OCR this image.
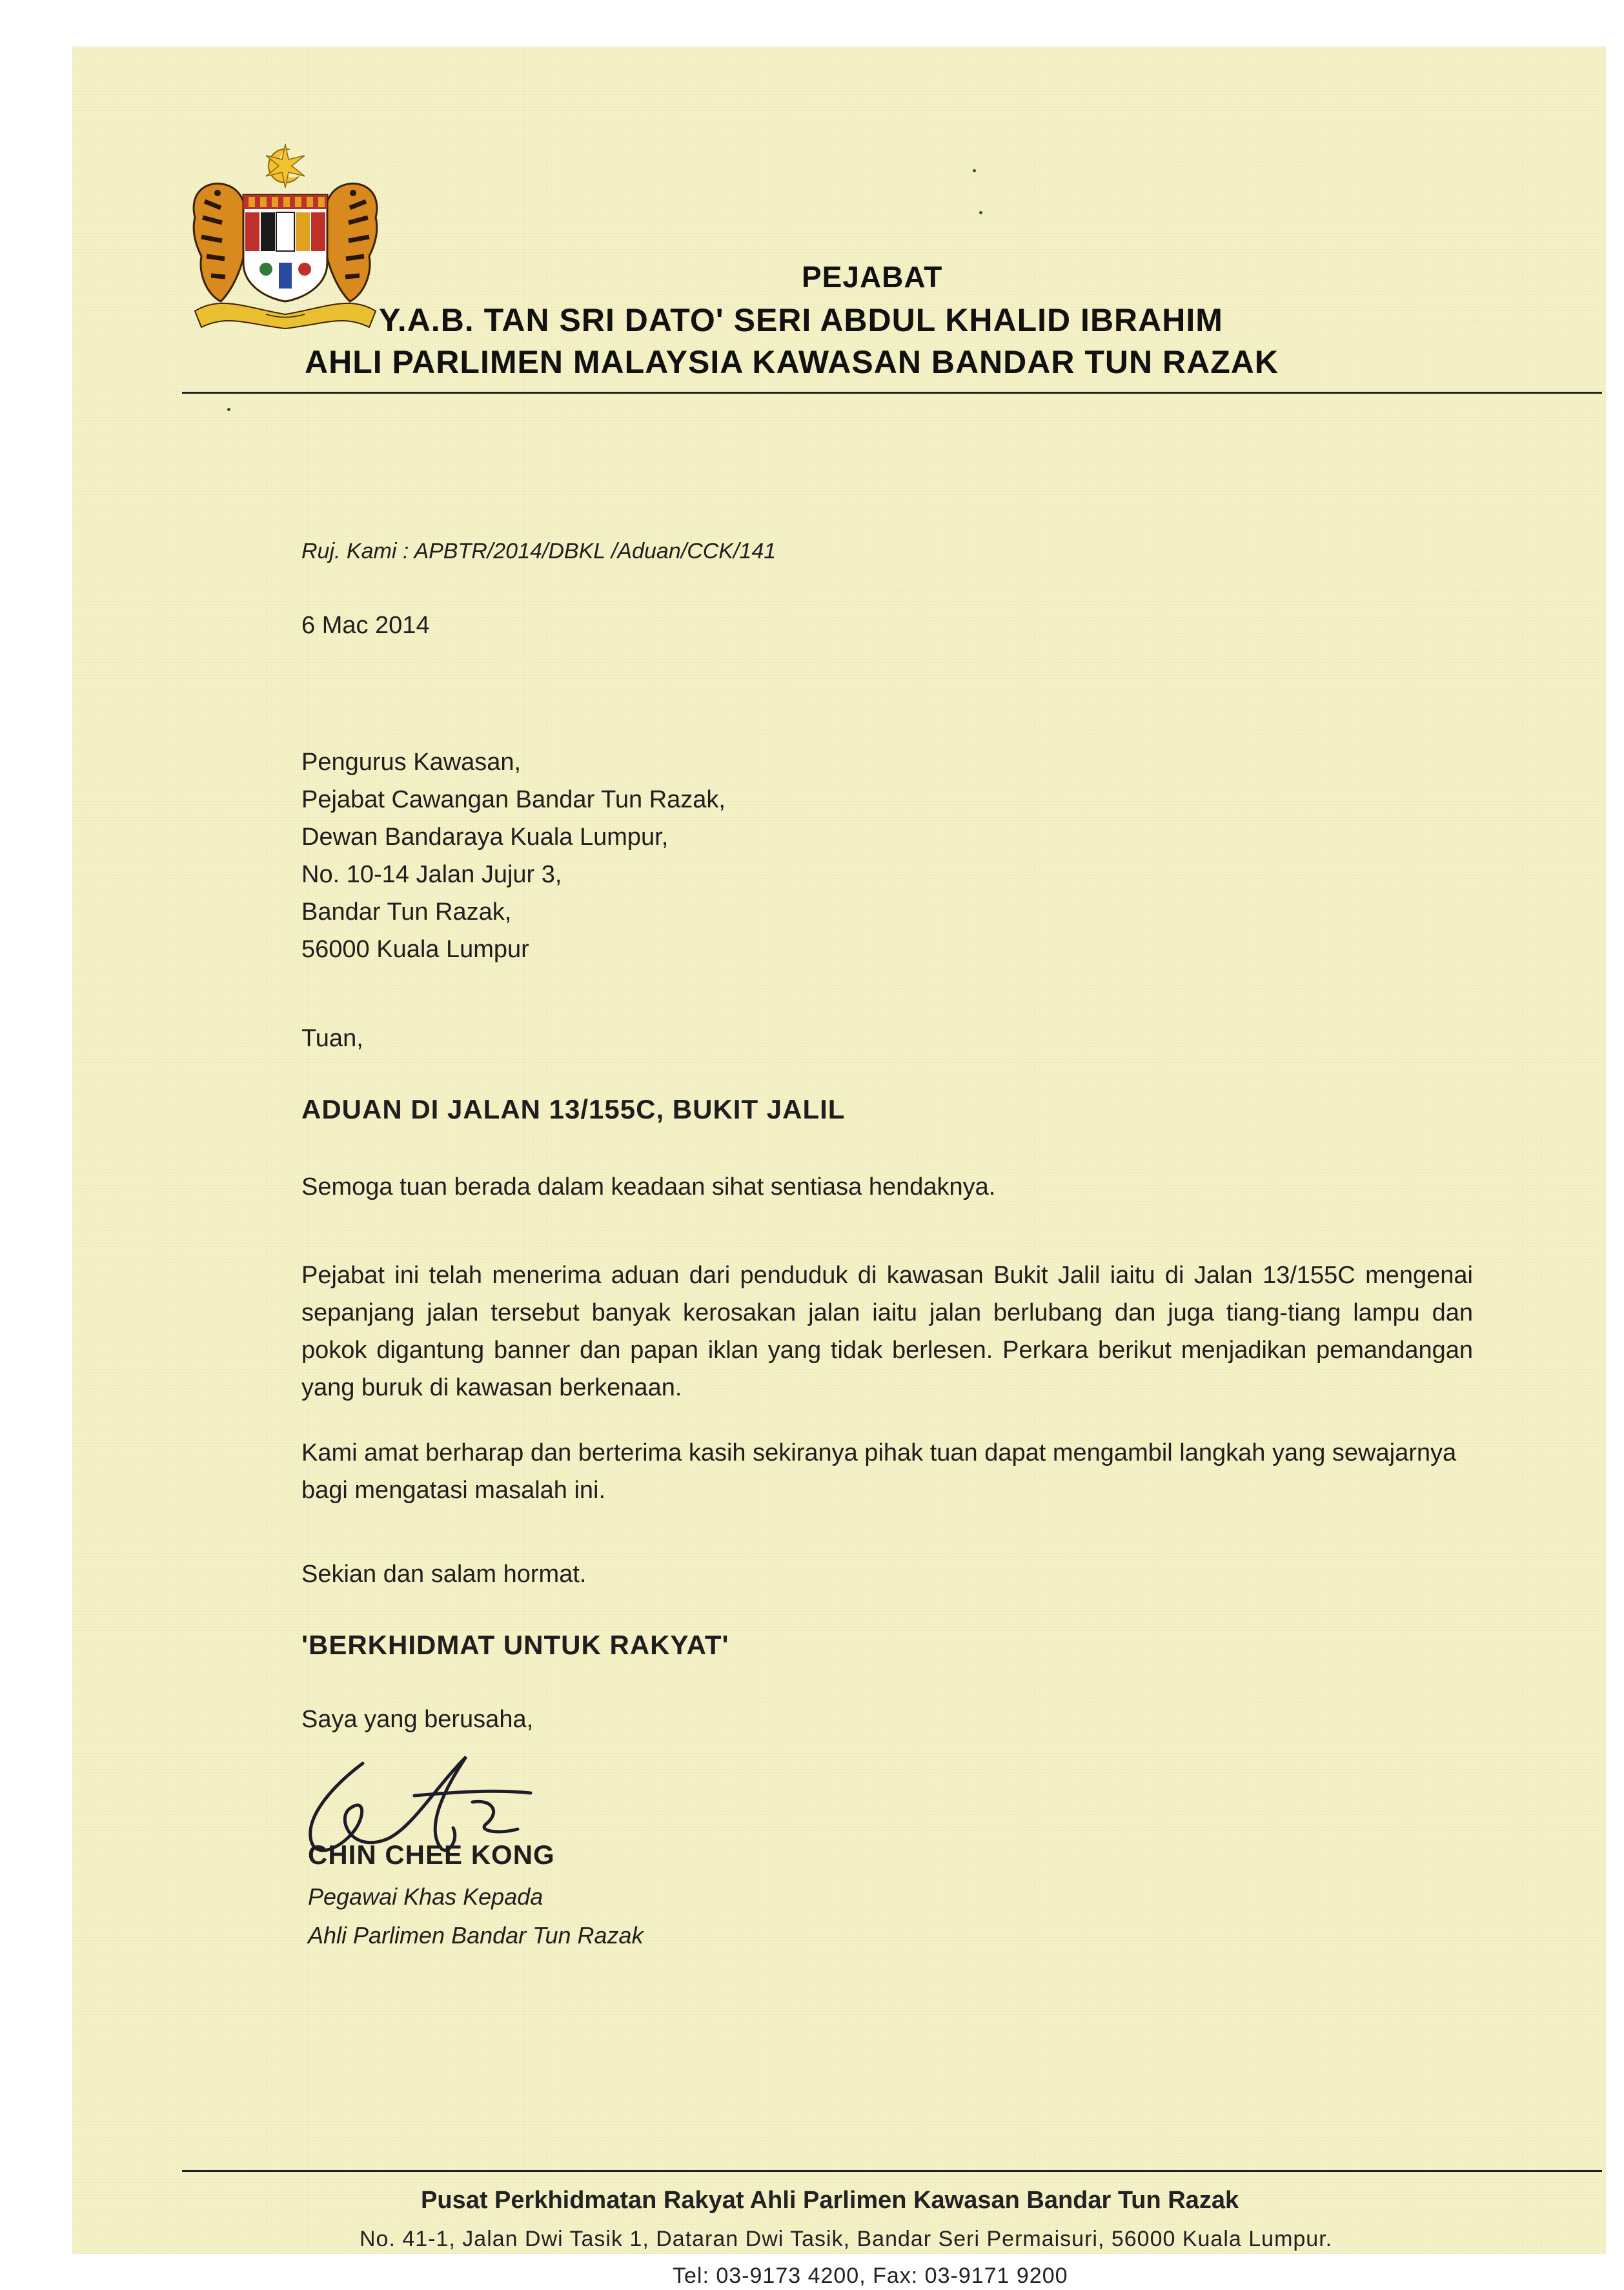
PEJABAT
Y.A.B. TAN SRI DATO' SERI ABDUL KHALID IBRAHIM
AHLI PARLIMEN MALAYSIA KAWASAN BANDAR TUN RAZAK
Ruj. Kami : APBTR/2014/DBKL /Aduan/CCK/141
6 Mac 2014
Pengurus Kawasan,
Pejabat Cawangan Bandar Tun Razak,
Dewan Bandaraya Kuala Lumpur,
No. 10-14 Jalan Jujur 3,
Bandar Tun Razak,
56000 Kuala Lumpur
Tuan,
ADUAN DI JALAN 13/155C, BUKIT JALIL
Semoga tuan berada dalam keadaan sihat sentiasa hendaknya.
Pejabat ini telah menerima aduan dari penduduk di kawasan Bukit Jalil iaitu di Jalan 13/155C mengenai sepanjang jalan tersebut banyak kerosakan jalan iaitu jalan berlubang dan juga tiang-tiang lampu dan pokok digantung banner dan papan iklan yang tidak berlesen. Perkara berikut menjadikan pemandangan yang buruk di kawasan berkenaan.
Kami amat berharap dan berterima kasih sekiranya pihak tuan dapat mengambil langkah yang sewajarnya bagi mengatasi masalah ini.
Sekian dan salam hormat.
'BERKHIDMAT UNTUK RAKYAT'
Saya yang berusaha,
CHIN CHEE KONG
Pegawai Khas Kepada
Ahli Parlimen Bandar Tun Razak
Pusat Perkhidmatan Rakyat Ahli Parlimen Kawasan Bandar Tun Razak
No. 41-1, Jalan Dwi Tasik 1, Dataran Dwi Tasik, Bandar Seri Permaisuri, 56000 Kuala Lumpur.
Tel: 03-9173 4200, Fax: 03-9171 9200
